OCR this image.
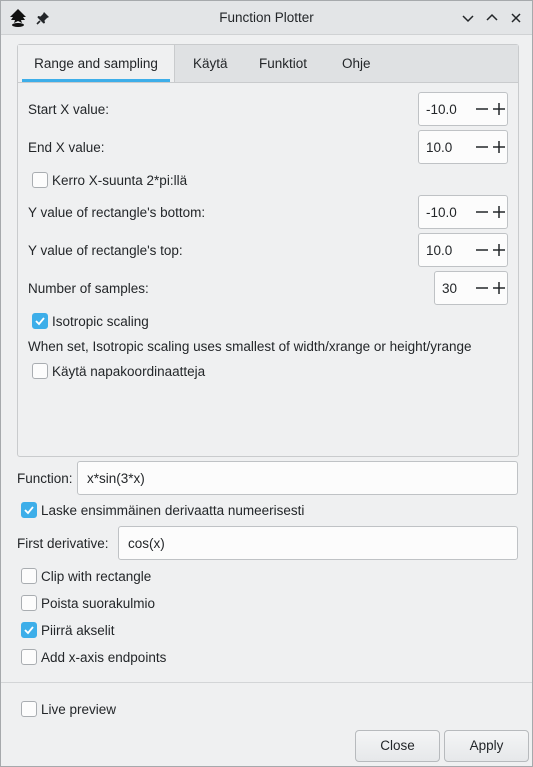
Function Plotter
Range and sampling	Käytä	Funktiot	Ohje
Start X value:	-10.0
End X value:	10.0
Kerro X-suunta 2*pi:llä
Y value of rectangle's bottom:	-10.0
Y value of rectangle's top:	10.0
Number of samples:	30
Isotropic scaling
When set, Isotropic scaling uses smallest of width/xrange or height/yrange
Käytä napakoordinaatteja
Function: x*sin(3*x)
Laske ensimmäinen derivaatta numeerisesti
First derivative: cos(x)
Clip with rectangle
Poista suorakulmio
Piirrä akselit
Add x-axis endpoints
Live preview
Close	Apply
